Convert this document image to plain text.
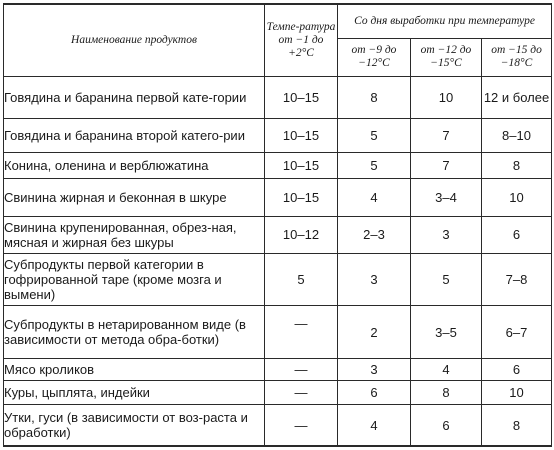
Наименование продуктов	Темпе-ратура от −1 до +2°C	Со дня выработки при температуре		
		от −9 до −12°C	от −12 до −15°C	от −15 до −18°C
Говядина и баранина первой кате-гории	10–15	8	10	12 и более
Говядина и баранина второй катего-рии	10–15	5	7	8–10
Конина, оленина и верблюжатина	10–15	5	7	8
Свинина жирная и беконная в шкуре	10–15	4	3–4	10
Свинина крупенированная, обрез-ная, мясная и жирная без шкуры	10–12	2–3	3	6
Субпродукты первой категории в гофрированной таре (кроме мозга и вымени)	5	3	5	7–8
Субпродукты в нетарированном виде (в зависимости от метода обра-ботки)	—	2	3–5	6–7
Мясо кроликов	—	3	4	6
Куры, цыплята, индейки	—	6	8	10
Утки, гуси (в зависимости от воз-раста и обработки)	—	4	6	8
